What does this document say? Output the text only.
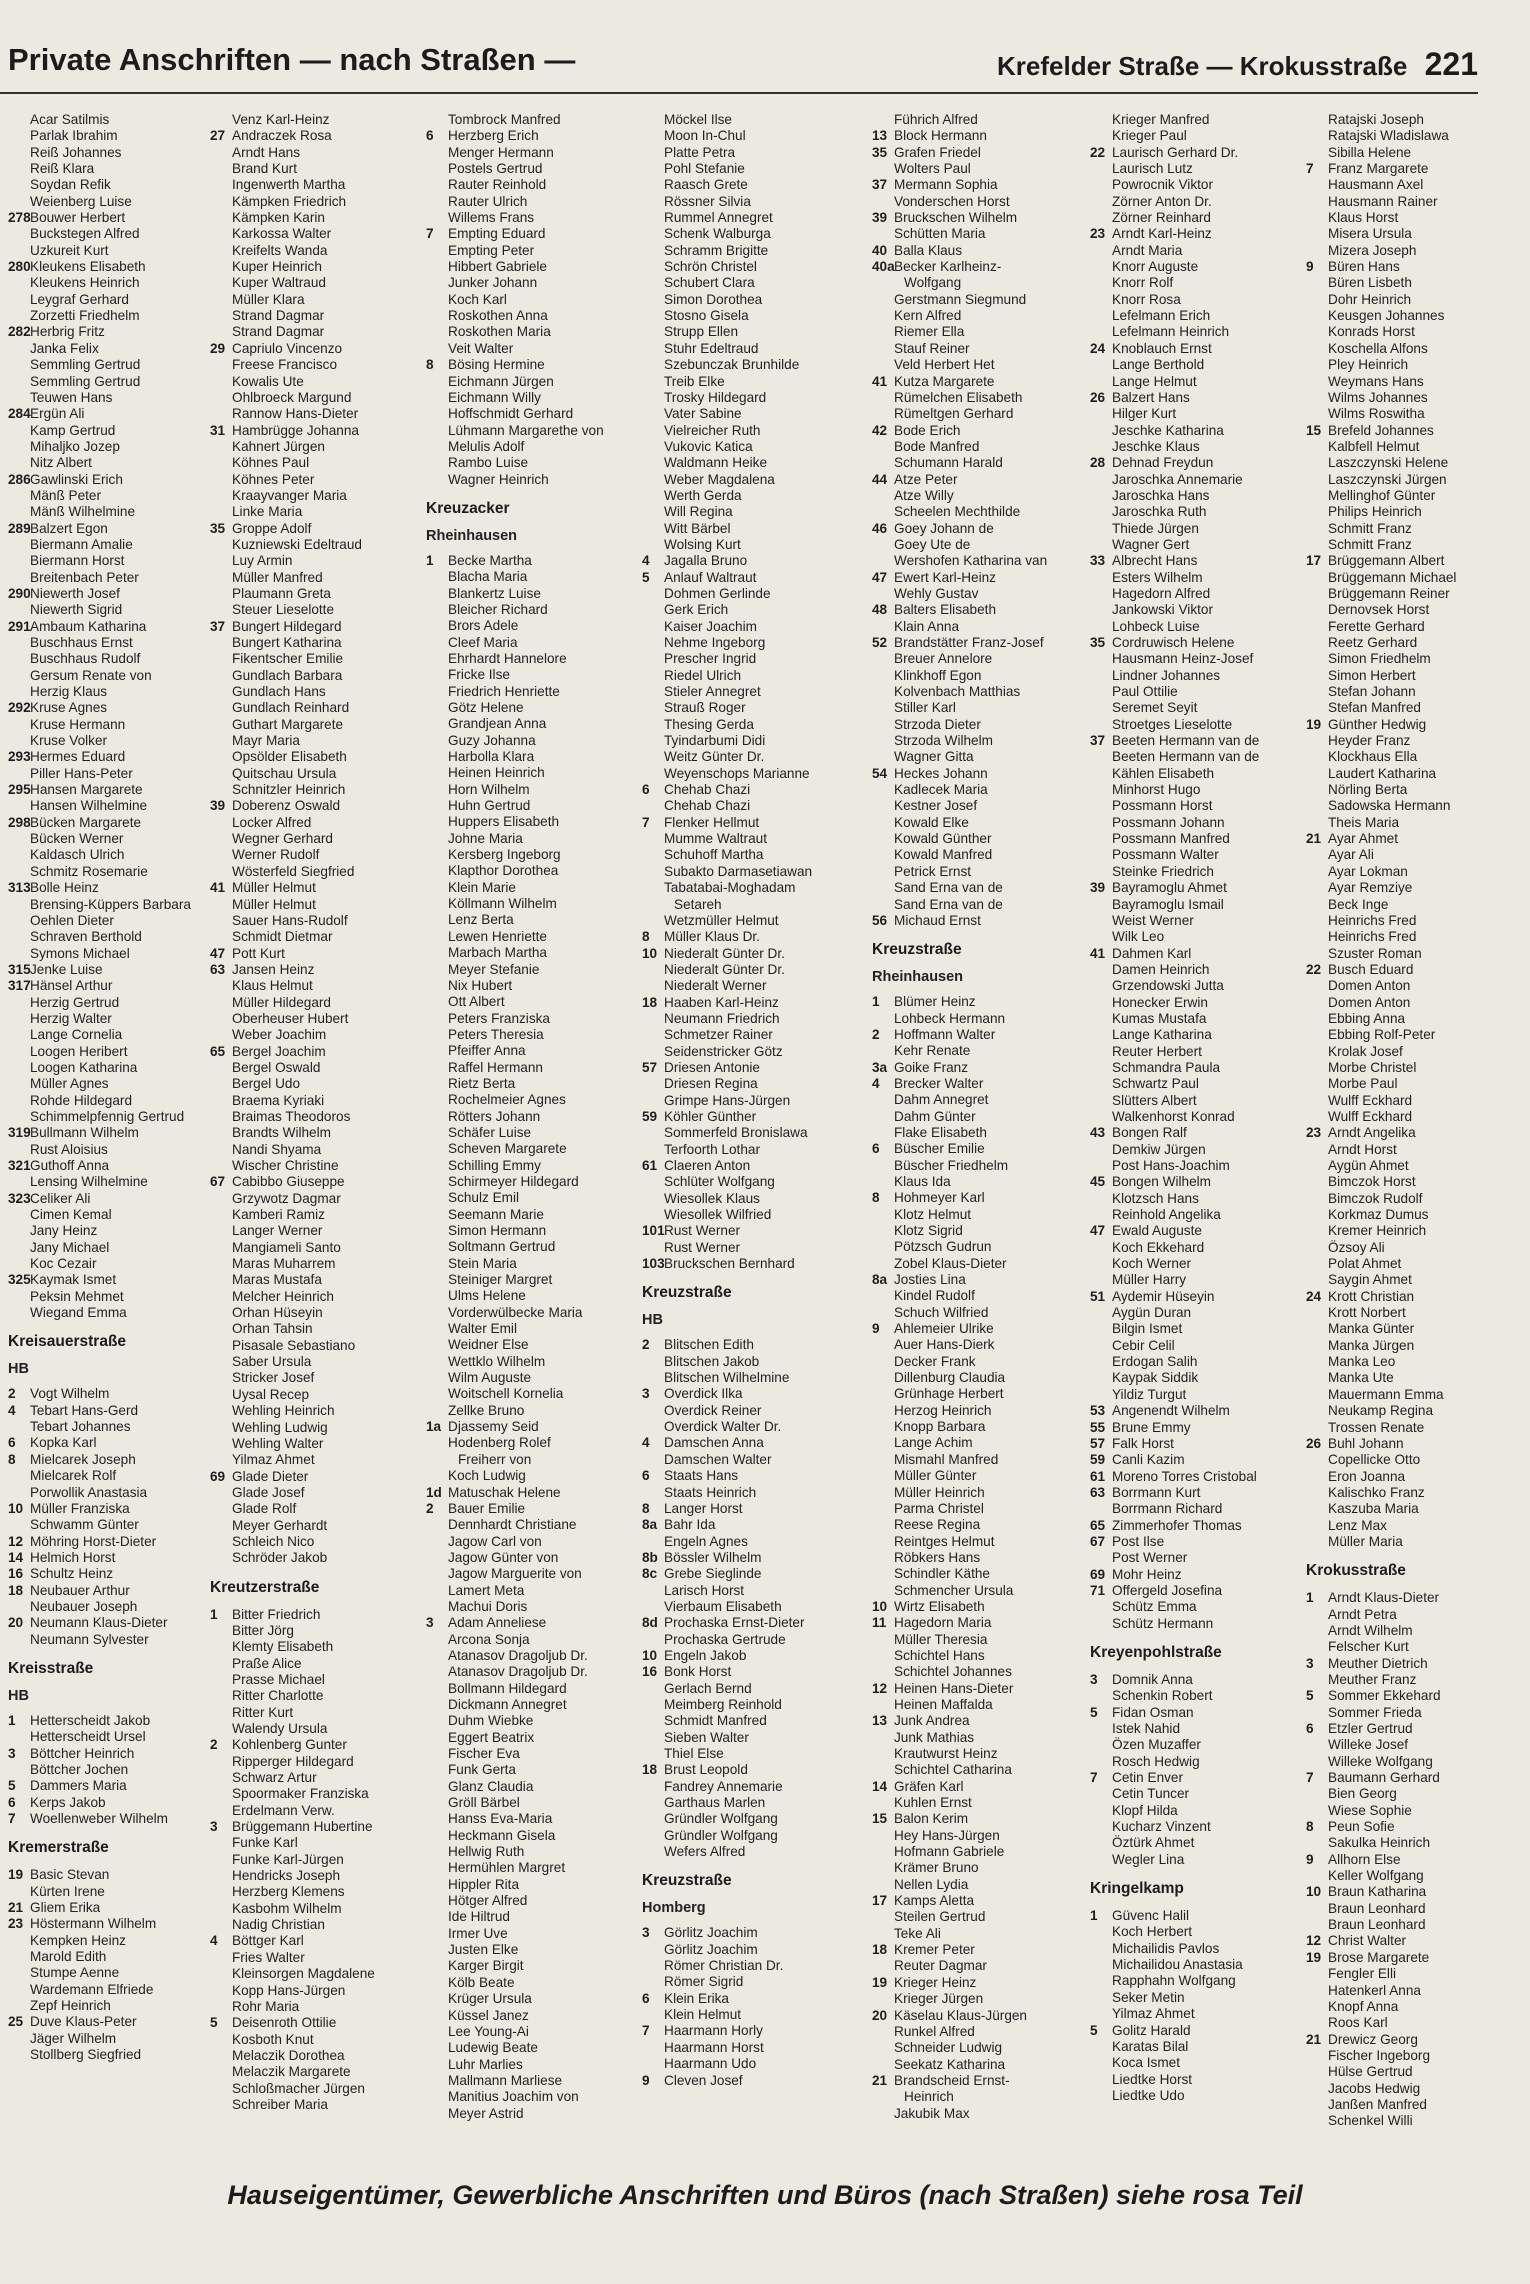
Private Anschriften — nach Straßen —	Krefelder Straße — Krokusstraße 221
Acar Satilmis
Parlak Ibrahim
Reiß Johannes
Reiß Klara
Soydan Refik
Weienberg Luise
278Bouwer Herbert
Buckstegen Alfred
Uzkureit Kurt
280Kleukens Elisabeth
Kleukens Heinrich
Leygraf Gerhard
Zorzetti Friedhelm
282Herbrig Fritz
Janka Felix
Semmling Gertrud
Semmling Gertrud
Teuwen Hans
284Ergün Ali
Kamp Gertrud
Mihaljko Jozep
Nitz Albert
286Gawlinski Erich
Mänß Peter
Mänß Wilhelmine
289Balzert Egon
Biermann Amalie
Biermann Horst
Breitenbach Peter
290Niewerth Josef
Niewerth Sigrid
291Ambaum Katharina
Buschhaus Ernst
Buschhaus Rudolf
Gersum Renate von
Herzig Klaus
292Kruse Agnes
Kruse Hermann
Kruse Volker
293Hermes Eduard
Piller Hans-Peter
295Hansen Margarete
Hansen Wilhelmine
298Bücken Margarete
Bücken Werner
Kaldasch Ulrich
Schmitz Rosemarie
313Bolle Heinz
Brensing-Küppers Barbara
Oehlen Dieter
Schraven Berthold
Symons Michael
315Jenke Luise
317Hänsel Arthur
Herzig Gertrud
Herzig Walter
Lange Cornelia
Loogen Heribert
Loogen Katharina
Müller Agnes
Rohde Hildegard
Schimmelpfennig Gertrud
319Bullmann Wilhelm
Rust Aloisius
321Guthoff Anna
Lensing Wilhelmine
323Celiker Ali
Cimen Kemal
Jany Heinz
Jany Michael
Koc Cezair
325Kaymak Ismet
Peksin Mehmet
Wiegand Emma
Kreisauerstraße
HB
2 Vogt Wilhelm
4 Tebart Hans-Gerd
Tebart Johannes
6 Kopka Karl
8 Mielcarek Joseph
Mielcarek Rolf
Porwollik Anastasia
10 Müller Franziska
Schwamm Günter
12 Möhring Horst-Dieter
14 Helmich Horst
16 Schultz Heinz
18 Neubauer Arthur
Neubauer Joseph
20 Neumann Klaus-Dieter
Neumann Sylvester
Kreisstraße
HB
1 Hetterscheidt Jakob
Hetterscheidt Ursel
3 Böttcher Heinrich
Böttcher Jochen
5 Dammers Maria
6 Kerps Jakob
7 Woellenweber Wilhelm
Kremerstraße
19 Basic Stevan
Kürten Irene
21 Gliem Erika
23 Höstermann Wilhelm
Kempken Heinz
Marold Edith
Stumpe Aenne
Wardemann Elfriede
Zepf Heinrich
25 Duve Klaus-Peter
Jäger Wilhelm
Stollberg Siegfried
Venz Karl-Heinz
27 Andraczek Rosa
Arndt Hans
Brand Kurt
Ingenwerth Martha
Kämpken Friedrich
Kämpken Karin
Karkossa Walter
Kreifelts Wanda
Kuper Heinrich
Kuper Waltraud
Müller Klara
Strand Dagmar
Strand Dagmar
29 Capriulo Vincenzo
Freese Francisco
Kowalis Ute
Ohlbroeck Margund
Rannow Hans-Dieter
31 Hambrügge Johanna
Kahnert Jürgen
Köhnes Paul
Köhnes Peter
Kraayvanger Maria
Linke Maria
35 Groppe Adolf
Kuzniewski Edeltraud
Luy Armin
Müller Manfred
Plaumann Greta
Steuer Lieselotte
37 Bungert Hildegard
Bungert Katharina
Fikentscher Emilie
Gundlach Barbara
Gundlach Hans
Gundlach Reinhard
Guthart Margarete
Mayr Maria
Opsölder Elisabeth
Quitschau Ursula
Schnitzler Heinrich
39 Doberenz Oswald
Locker Alfred
Wegner Gerhard
Werner Rudolf
Wösterfeld Siegfried
41 Müller Helmut
Müller Helmut
Sauer Hans-Rudolf
Schmidt Dietmar
47 Pott Kurt
63 Jansen Heinz
Klaus Helmut
Müller Hildegard
Oberheuser Hubert
Weber Joachim
65 Bergel Joachim
Bergel Oswald
Bergel Udo
Braema Kyriaki
Braimas Theodoros
Brandts Wilhelm
Nandi Shyama
Wischer Christine
67 Cabibbo Giuseppe
Grzywotz Dagmar
Kamberi Ramiz
Langer Werner
Mangiameli Santo
Maras Muharrem
Maras Mustafa
Melcher Heinrich
Orhan Hüseyin
Orhan Tahsin
Pisasale Sebastiano
Saber Ursula
Stricker Josef
Uysal Recep
Wehling Heinrich
Wehling Ludwig
Wehling Walter
Yilmaz Ahmet
69 Glade Dieter
Glade Josef
Glade Rolf
Meyer Gerhardt
Schleich Nico
Schröder Jakob
Kreutzerstraße
1 Bitter Friedrich
Bitter Jörg
Klemty Elisabeth
Praße Alice
Prasse Michael
Ritter Charlotte
Ritter Kurt
Walendy Ursula
2 Kohlenberg Gunter
Ripperger Hildegard
Schwarz Artur
Spoormaker Franziska
Erdelmann Verw.
3 Brüggemann Hubertine
Funke Karl
Funke Karl-Jürgen
Hendricks Joseph
Herzberg Klemens
Kasbohm Wilhelm
Nadig Christian
4 Böttger Karl
Fries Walter
Kleinsorgen Magdalene
Kopp Hans-Jürgen
Rohr Maria
5 Deisenroth Ottilie
Kosboth Knut
Melaczik Dorothea
Melaczik Margarete
Schloßmacher Jürgen
Schreiber Maria
Tombrock Manfred
6 Herzberg Erich
Menger Hermann
Postels Gertrud
Rauter Reinhold
Rauter Ulrich
Willems Frans
7 Empting Eduard
Empting Peter
Hibbert Gabriele
Junker Johann
Koch Karl
Roskothen Anna
Roskothen Maria
Veit Walter
8 Bösing Hermine
Eichmann Jürgen
Eichmann Willy
Hoffschmidt Gerhard
Lühmann Margarethe von
Melulis Adolf
Rambo Luise
Wagner Heinrich
Kreuzacker
Rheinhausen
1 Becke Martha
Blacha Maria
Blankertz Luise
Bleicher Richard
Brors Adele
Cleef Maria
Ehrhardt Hannelore
Fricke Ilse
Friedrich Henriette
Götz Helene
Grandjean Anna
Guzy Johanna
Harbolla Klara
Heinen Heinrich
Horn Wilhelm
Huhn Gertrud
Huppers Elisabeth
Johne Maria
Kersberg Ingeborg
Klapthor Dorothea
Klein Marie
Köllmann Wilhelm
Lenz Berta
Lewen Henriette
Marbach Martha
Meyer Stefanie
Nix Hubert
Ott Albert
Peters Franziska
Peters Theresia
Pfeiffer Anna
Raffel Hermann
Rietz Berta
Rochelmeier Agnes
Rötters Johann
Schäfer Luise
Scheven Margarete
Schilling Emmy
Schirmeyer Hildegard
Schulz Emil
Seemann Marie
Simon Hermann
Soltmann Gertrud
Stein Maria
Steiniger Margret
Ulms Helene
Vorderwülbecke Maria
Walter Emil
Weidner Else
Wettklo Wilhelm
Wilm Auguste
Woitschell Kornelia
Zellke Bruno
1a Djassemy Seid
Hodenberg Rolef
Freiherr von
Koch Ludwig
1d Matuschak Helene
2 Bauer Emilie
Dennhardt Christiane
Jagow Carl von
Jagow Günter von
Jagow Marguerite von
Lamert Meta
Machui Doris
3 Adam Anneliese
Arcona Sonja
Atanasov Dragoljub Dr.
Atanasov Dragoljub Dr.
Bollmann Hildegard
Dickmann Annegret
Duhm Wiebke
Eggert Beatrix
Fischer Eva
Funk Gerta
Glanz Claudia
Gröll Bärbel
Hanss Eva-Maria
Heckmann Gisela
Hellwig Ruth
Hermühlen Margret
Hippler Rita
Hötger Alfred
Ide Hiltrud
Irmer Uve
Justen Elke
Karger Birgit
Kölb Beate
Krüger Ursula
Küssel Janez
Lee Young-Ai
Ludewig Beate
Luhr Marlies
Mallmann Marliese
Manitius Joachim von
Meyer Astrid
Möckel Ilse
Moon In-Chul
Platte Petra
Pohl Stefanie
Raasch Grete
Rössner Silvia
Rummel Annegret
Schenk Walburga
Schramm Brigitte
Schrön Christel
Schubert Clara
Simon Dorothea
Stosno Gisela
Strupp Ellen
Stuhr Edeltraud
Szebunczak Brunhilde
Treib Elke
Trosky Hildegard
Vater Sabine
Vielreicher Ruth
Vukovic Katica
Waldmann Heike
Weber Magdalena
Werth Gerda
Will Regina
Witt Bärbel
Wolsing Kurt
4 Jagalla Bruno
5 Anlauf Waltraut
Dohmen Gerlinde
Gerk Erich
Kaiser Joachim
Nehme Ingeborg
Prescher Ingrid
Riedel Ulrich
Stieler Annegret
Strauß Roger
Thesing Gerda
Tyindarbumi Didi
Weitz Günter Dr.
Weyenschops Marianne
6 Chehab Chazi
Chehab Chazi
7 Flenker Hellmut
Mumme Waltraut
Schuhoff Martha
Subakto Darmasetiawan
Tabatabai-Moghadam
Setareh
Wetzmüller Helmut
8 Müller Klaus Dr.
10 Niederalt Günter Dr.
Niederalt Günter Dr.
Niederalt Werner
18 Haaben Karl-Heinz
Neumann Friedrich
Schmetzer Rainer
Seidenstricker Götz
57 Driesen Antonie
Driesen Regina
Grimpe Hans-Jürgen
59 Köhler Günther
Sommerfeld Bronislawa
Terfoorth Lothar
61 Claeren Anton
Schlüter Wolfgang
Wiesollek Klaus
Wiesollek Wilfried
101Rust Werner
Rust Werner
103Bruckschen Bernhard
Kreuzstraße
HB
2 Blitschen Edith
Blitschen Jakob
Blitschen Wilhelmine
3 Overdick Ilka
Overdick Reiner
Overdick Walter Dr.
4 Damschen Anna
Damschen Walter
6 Staats Hans
Staats Heinrich
8 Langer Horst
8a Bahr Ida
Engeln Agnes
8b Bössler Wilhelm
8c Grebe Sieglinde
Larisch Horst
Vierbaum Elisabeth
8d Prochaska Ernst-Dieter
Prochaska Gertrude
10 Engeln Jakob
16 Bonk Horst
Gerlach Bernd
Meimberg Reinhold
Schmidt Manfred
Sieben Walter
Thiel Else
18 Brust Leopold
Fandrey Annemarie
Garthaus Marlen
Gründler Wolfgang
Gründler Wolfgang
Wefers Alfred
Kreuzstraße
Homberg
3 Görlitz Joachim
Görlitz Joachim
Römer Christian Dr.
Römer Sigrid
6 Klein Erika
Klein Helmut
7 Haarmann Horly
Haarmann Horst
Haarmann Udo
9 Cleven Josef
Führich Alfred
13 Block Hermann
35 Grafen Friedel
Wolters Paul
37 Mermann Sophia
Vonderschen Horst
39 Bruckschen Wilhelm
Schütten Maria
40 Balla Klaus
40aBecker Karlheinz-
Wolfgang
Gerstmann Siegmund
Kern Alfred
Riemer Ella
Stauf Reiner
Veld Herbert Het
41 Kutza Margarete
Rümelchen Elisabeth
Rümeltgen Gerhard
42 Bode Erich
Bode Manfred
Schumann Harald
44 Atze Peter
Atze Willy
Scheelen Mechthilde
46 Goey Johann de
Goey Ute de
Wershofen Katharina van
47 Ewert Karl-Heinz
Wehly Gustav
48 Balters Elisabeth
Klain Anna
52 Brandstätter Franz-Josef
Breuer Annelore
Klinkhoff Egon
Kolvenbach Matthias
Stiller Karl
Strzoda Dieter
Strzoda Wilhelm
Wagner Gitta
54 Heckes Johann
Kadlecek Maria
Kestner Josef
Kowald Elke
Kowald Günther
Kowald Manfred
Petrick Ernst
Sand Erna van de
Sand Erna van de
56 Michaud Ernst
Kreuzstraße
Rheinhausen
1 Blümer Heinz
Lohbeck Hermann
2 Hoffmann Walter
Kehr Renate
3a Goike Franz
4 Brecker Walter
Dahm Annegret
Dahm Günter
Flake Elisabeth
6 Büscher Emilie
Büscher Friedhelm
Klaus Ida
8 Hohmeyer Karl
Klotz Helmut
Klotz Sigrid
Pötzsch Gudrun
Zobel Klaus-Dieter
8a Josties Lina
Kindel Rudolf
Schuch Wilfried
9 Ahlemeier Ulrike
Auer Hans-Dierk
Decker Frank
Dillenburg Claudia
Grünhage Herbert
Herzog Heinrich
Knopp Barbara
Lange Achim
Mismahl Manfred
Müller Günter
Müller Heinrich
Parma Christel
Reese Regina
Reintges Helmut
Röbkers Hans
Schindler Käthe
Schmencher Ursula
10 Wirtz Elisabeth
11 Hagedorn Maria
Müller Theresia
Schichtel Hans
Schichtel Johannes
12 Heinen Hans-Dieter
Heinen Maffalda
13 Junk Andrea
Junk Mathias
Krautwurst Heinz
Schichtel Catharina
14 Gräfen Karl
Kuhlen Ernst
15 Balon Kerim
Hey Hans-Jürgen
Hofmann Gabriele
Krämer Bruno
Nellen Lydia
17 Kamps Aletta
Steilen Gertrud
Teke Ali
18 Kremer Peter
Reuter Dagmar
19 Krieger Heinz
Krieger Jürgen
20 Käselau Klaus-Jürgen
Runkel Alfred
Schneider Ludwig
Seekatz Katharina
21 Brandscheid Ernst-
Heinrich
Jakubik Max
Krieger Manfred
Krieger Paul
22 Laurisch Gerhard Dr.
Laurisch Lutz
Powrocnik Viktor
Zörner Anton Dr.
Zörner Reinhard
23 Arndt Karl-Heinz
Arndt Maria
Knorr Auguste
Knorr Rolf
Knorr Rosa
Lefelmann Erich
Lefelmann Heinrich
24 Knoblauch Ernst
Lange Berthold
Lange Helmut
26 Balzert Hans
Hilger Kurt
Jeschke Katharina
Jeschke Klaus
28 Dehnad Freydun
Jaroschka Annemarie
Jaroschka Hans
Jaroschka Ruth
Thiede Jürgen
Wagner Gert
33 Albrecht Hans
Esters Wilhelm
Hagedorn Alfred
Jankowski Viktor
Lohbeck Luise
35 Cordruwisch Helene
Hausmann Heinz-Josef
Lindner Johannes
Paul Ottilie
Seremet Seyit
Stroetges Lieselotte
37 Beeten Hermann van de
Beeten Hermann van de
Kählen Elisabeth
Minhorst Hugo
Possmann Horst
Possmann Johann
Possmann Manfred
Possmann Walter
Steinke Friedrich
39 Bayramoglu Ahmet
Bayramoglu Ismail
Weist Werner
Wilk Leo
41 Dahmen Karl
Damen Heinrich
Grzendowski Jutta
Honecker Erwin
Kumas Mustafa
Lange Katharina
Reuter Herbert
Schmandra Paula
Schwartz Paul
Slütters Albert
Walkenhorst Konrad
43 Bongen Ralf
Demkiw Jürgen
Post Hans-Joachim
45 Bongen Wilhelm
Klotzsch Hans
Reinhold Angelika
47 Ewald Auguste
Koch Ekkehard
Koch Werner
Müller Harry
51 Aydemir Hüseyin
Aygün Duran
Bilgin Ismet
Cebir Celil
Erdogan Salih
Kaypak Siddik
Yildiz Turgut
53 Angenendt Wilhelm
55 Brune Emmy
57 Falk Horst
59 Canli Kazim
61 Moreno Torres Cristobal
63 Borrmann Kurt
Borrmann Richard
65 Zimmerhofer Thomas
67 Post Ilse
Post Werner
69 Mohr Heinz
71 Offergeld Josefina
Schütz Emma
Schütz Hermann
Kreyenpohlstraße
3 Domnik Anna
Schenkin Robert
5 Fidan Osman
Istek Nahid
Özen Muzaffer
Rosch Hedwig
7 Cetin Enver
Cetin Tuncer
Klopf Hilda
Kucharz Vinzent
Öztürk Ahmet
Wegler Lina
Kringelkamp
1 Güvenc Halil
Koch Herbert
Michailidis Pavlos
Michailidou Anastasia
Rapphahn Wolfgang
Seker Metin
Yilmaz Ahmet
5 Golitz Harald
Karatas Bilal
Koca Ismet
Liedtke Horst
Liedtke Udo
Ratajski Joseph
Ratajski Wladislawa
Sibilla Helene
7 Franz Margarete
Hausmann Axel
Hausmann Rainer
Klaus Horst
Misera Ursula
Mizera Joseph
9 Büren Hans
Büren Lisbeth
Dohr Heinrich
Keusgen Johannes
Konrads Horst
Koschella Alfons
Pley Heinrich
Weymans Hans
Wilms Johannes
Wilms Roswitha
15 Brefeld Johannes
Kalbfell Helmut
Laszczynski Helene
Laszczynski Jürgen
Mellinghof Günter
Philips Heinrich
Schmitt Franz
Schmitt Franz
17 Brüggemann Albert
Brüggemann Michael
Brüggemann Reiner
Dernovsek Horst
Ferette Gerhard
Reetz Gerhard
Simon Friedhelm
Simon Herbert
Stefan Johann
Stefan Manfred
19 Günther Hedwig
Heyder Franz
Klockhaus Ella
Laudert Katharina
Nörling Berta
Sadowska Hermann
Theis Maria
21 Ayar Ahmet
Ayar Ali
Ayar Lokman
Ayar Remziye
Beck Inge
Heinrichs Fred
Heinrichs Fred
Szuster Roman
22 Busch Eduard
Domen Anton
Domen Anton
Ebbing Anna
Ebbing Rolf-Peter
Krolak Josef
Morbe Christel
Morbe Paul
Wulff Eckhard
Wulff Eckhard
23 Arndt Angelika
Arndt Horst
Aygün Ahmet
Bimczok Horst
Bimczok Rudolf
Korkmaz Dumus
Kremer Heinrich
Özsoy Ali
Polat Ahmet
Saygin Ahmet
24 Krott Christian
Krott Norbert
Manka Günter
Manka Jürgen
Manka Leo
Manka Ute
Mauermann Emma
Neukamp Regina
Trossen Renate
26 Buhl Johann
Copellicke Otto
Eron Joanna
Kalischko Franz
Kaszuba Maria
Lenz Max
Müller Maria
Krokusstraße
1 Arndt Klaus-Dieter
Arndt Petra
Arndt Wilhelm
Felscher Kurt
3 Meuther Dietrich
Meuther Franz
5 Sommer Ekkehard
Sommer Frieda
6 Etzler Gertrud
Willeke Josef
Willeke Wolfgang
7 Baumann Gerhard
Bien Georg
Wiese Sophie
8 Peun Sofie
Sakulka Heinrich
9 Allhorn Else
Keller Wolfgang
10 Braun Katharina
Braun Leonhard
Braun Leonhard
12 Christ Walter
19 Brose Margarete
Fengler Elli
Hatenkerl Anna
Knopf Anna
Roos Karl
21 Drewicz Georg
Fischer Ingeborg
Hülse Gertrud
Jacobs Hedwig
Janßen Manfred
Schenkel Willi
Hauseigentümer, Gewerbliche Anschriften und Büros (nach Straßen) siehe rosa Teil
